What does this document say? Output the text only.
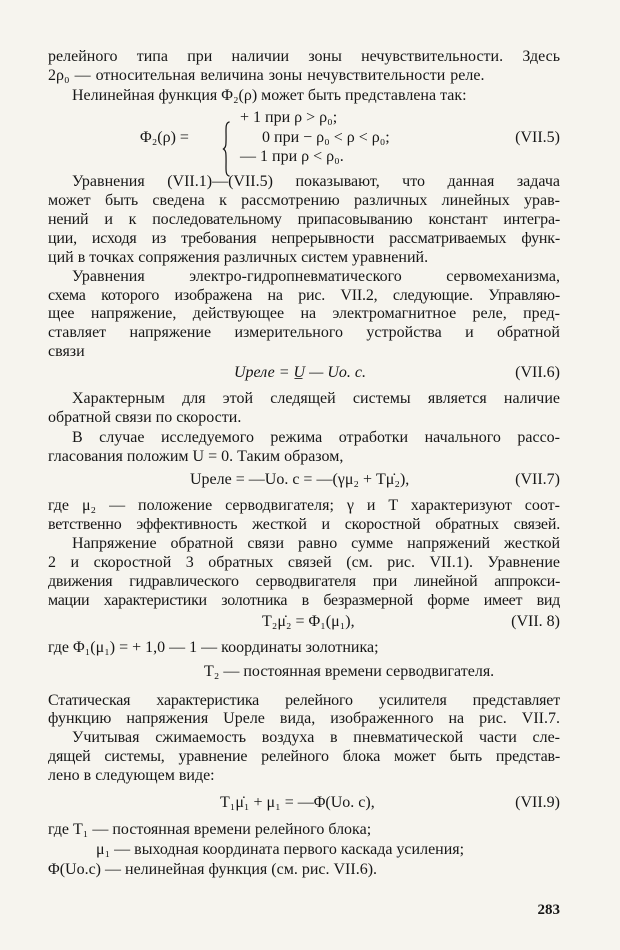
релейного типа при наличии зоны нечувствительности. Здесь
2ρ₀ — относительная величина зоны нечувствительности реле.
Нелинейная функция Φ₂(ρ) может быть представлена так:
Φ₂(ρ) =
+ 1 при ρ > ρ₀;
0 при − ρ₀ < ρ < ρ₀;
— 1 при ρ < ρ₀.
(VII.5)
Уравнения (VII.1)—(VII.5) показывают, что данная задача
может быть сведена к рассмотрению различных линейных урав-
нений и к последовательному припасовыванию констант интегра-
ции, исходя из требования непрерывности рассматриваемых функ-
ций в точках сопряжения различных систем уравнений.
Уравнения электро-гидропневматического сервомеханизма,
схема которого изображена на рис. VII.2, следующие. Управляю-
щее напряжение, действующее на электромагнитное реле, пред-
ставляет напряжение измерительного устройства и обратной
связи
Uреле = U̲ — Uо. с.	(VII.6)
Характерным для этой следящей системы является наличие
обратной связи по скорости.
В случае исследуемого режима отработки начального рассо-
гласования положим U = 0. Таким образом,
Uреле = —Uо. с = —(γμ₂ + Tμ̇₂),	(VII.7)
где μ₂ — положение серводвигателя; γ и T характеризуют соот-
ветственно эффективность жесткой и скоростной обратных связей.
Напряжение обратной связи равно сумме напряжений жесткой
2 и скоростной 3 обратных связей (см. рис. VII.1). Уравнение
движения гидравлического серводвигателя при линейной аппрокси-
мации характеристики золотника в безразмерной форме имеет вид
T₂μ̇₂ = Φ₁(μ₁),	(VII. 8)
где Φ₁(μ₁) = + 1,0 — 1 — координаты золотника;
T₂ — постоянная времени серводвигателя.
Статическая характеристика релейного усилителя представляет
функцию напряжения Uреле вида, изображенного на рис. VII.7.
Учитывая сжимаемость воздуха в пневматической части сле-
дящей системы, уравнение релейного блока может быть представ-
лено в следующем виде:
283
T₁μ̇₁ + μ₁ = —Φ(Uо. с),	(VII.9)
где T₁ — постоянная времени релейного блока;
μ₁ — выходная координата первого каскада усиления;
Φ(Uо.с) — нелинейная функция (см. рис. VII.6).
